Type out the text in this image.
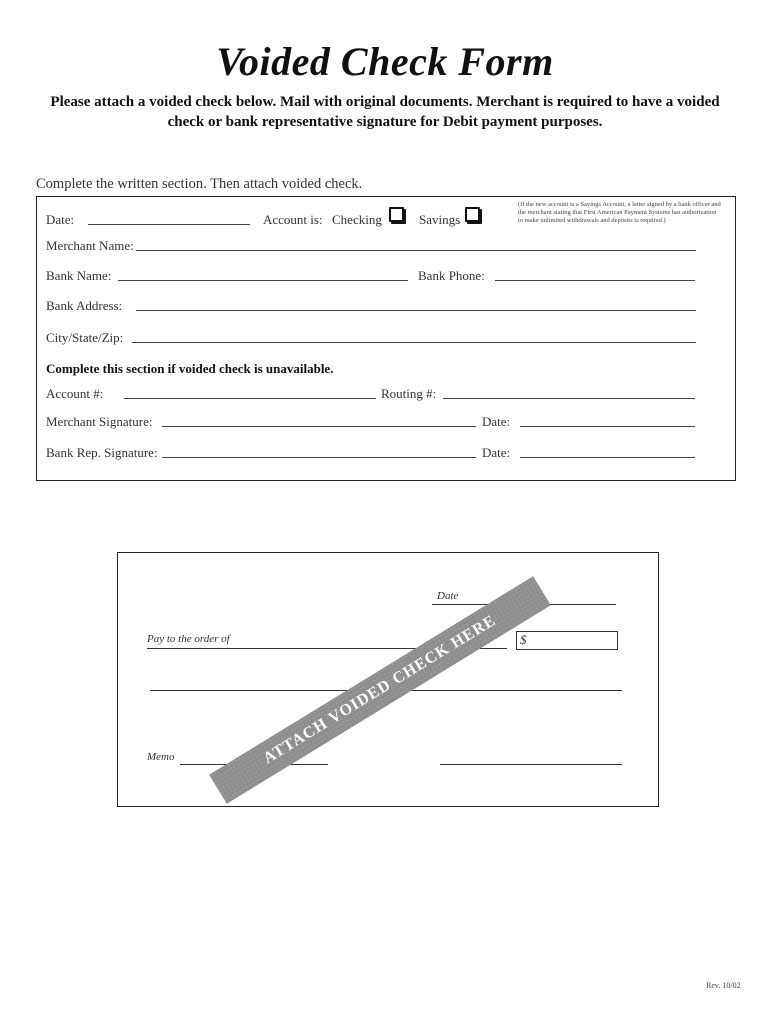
Voided Check Form
Please attach a voided check below. Mail with original documents. Merchant is required to have a voided check or bank representative signature for Debit payment purposes.
Complete the written section. Then attach voided check.
Date:	Account is: Checking	Savings
(If the new account is a Savings Account, a letter signed by a bank officer and the merchant stating that First American Payment Systems has authorization to make unlimited withdrawals and deposits is required.)
Merchant Name:
Bank Name:	Bank Phone:
Bank Address:
City/State/Zip:
Complete this section if voided check is unavailable.
Account #:	Routing #:
Merchant Signature:	Date:
Bank Rep. Signature:	Date:
Date
Pay to the order of	$
Memo	ATTACH VOIDED CHECK HERE
Rev. 10/02
